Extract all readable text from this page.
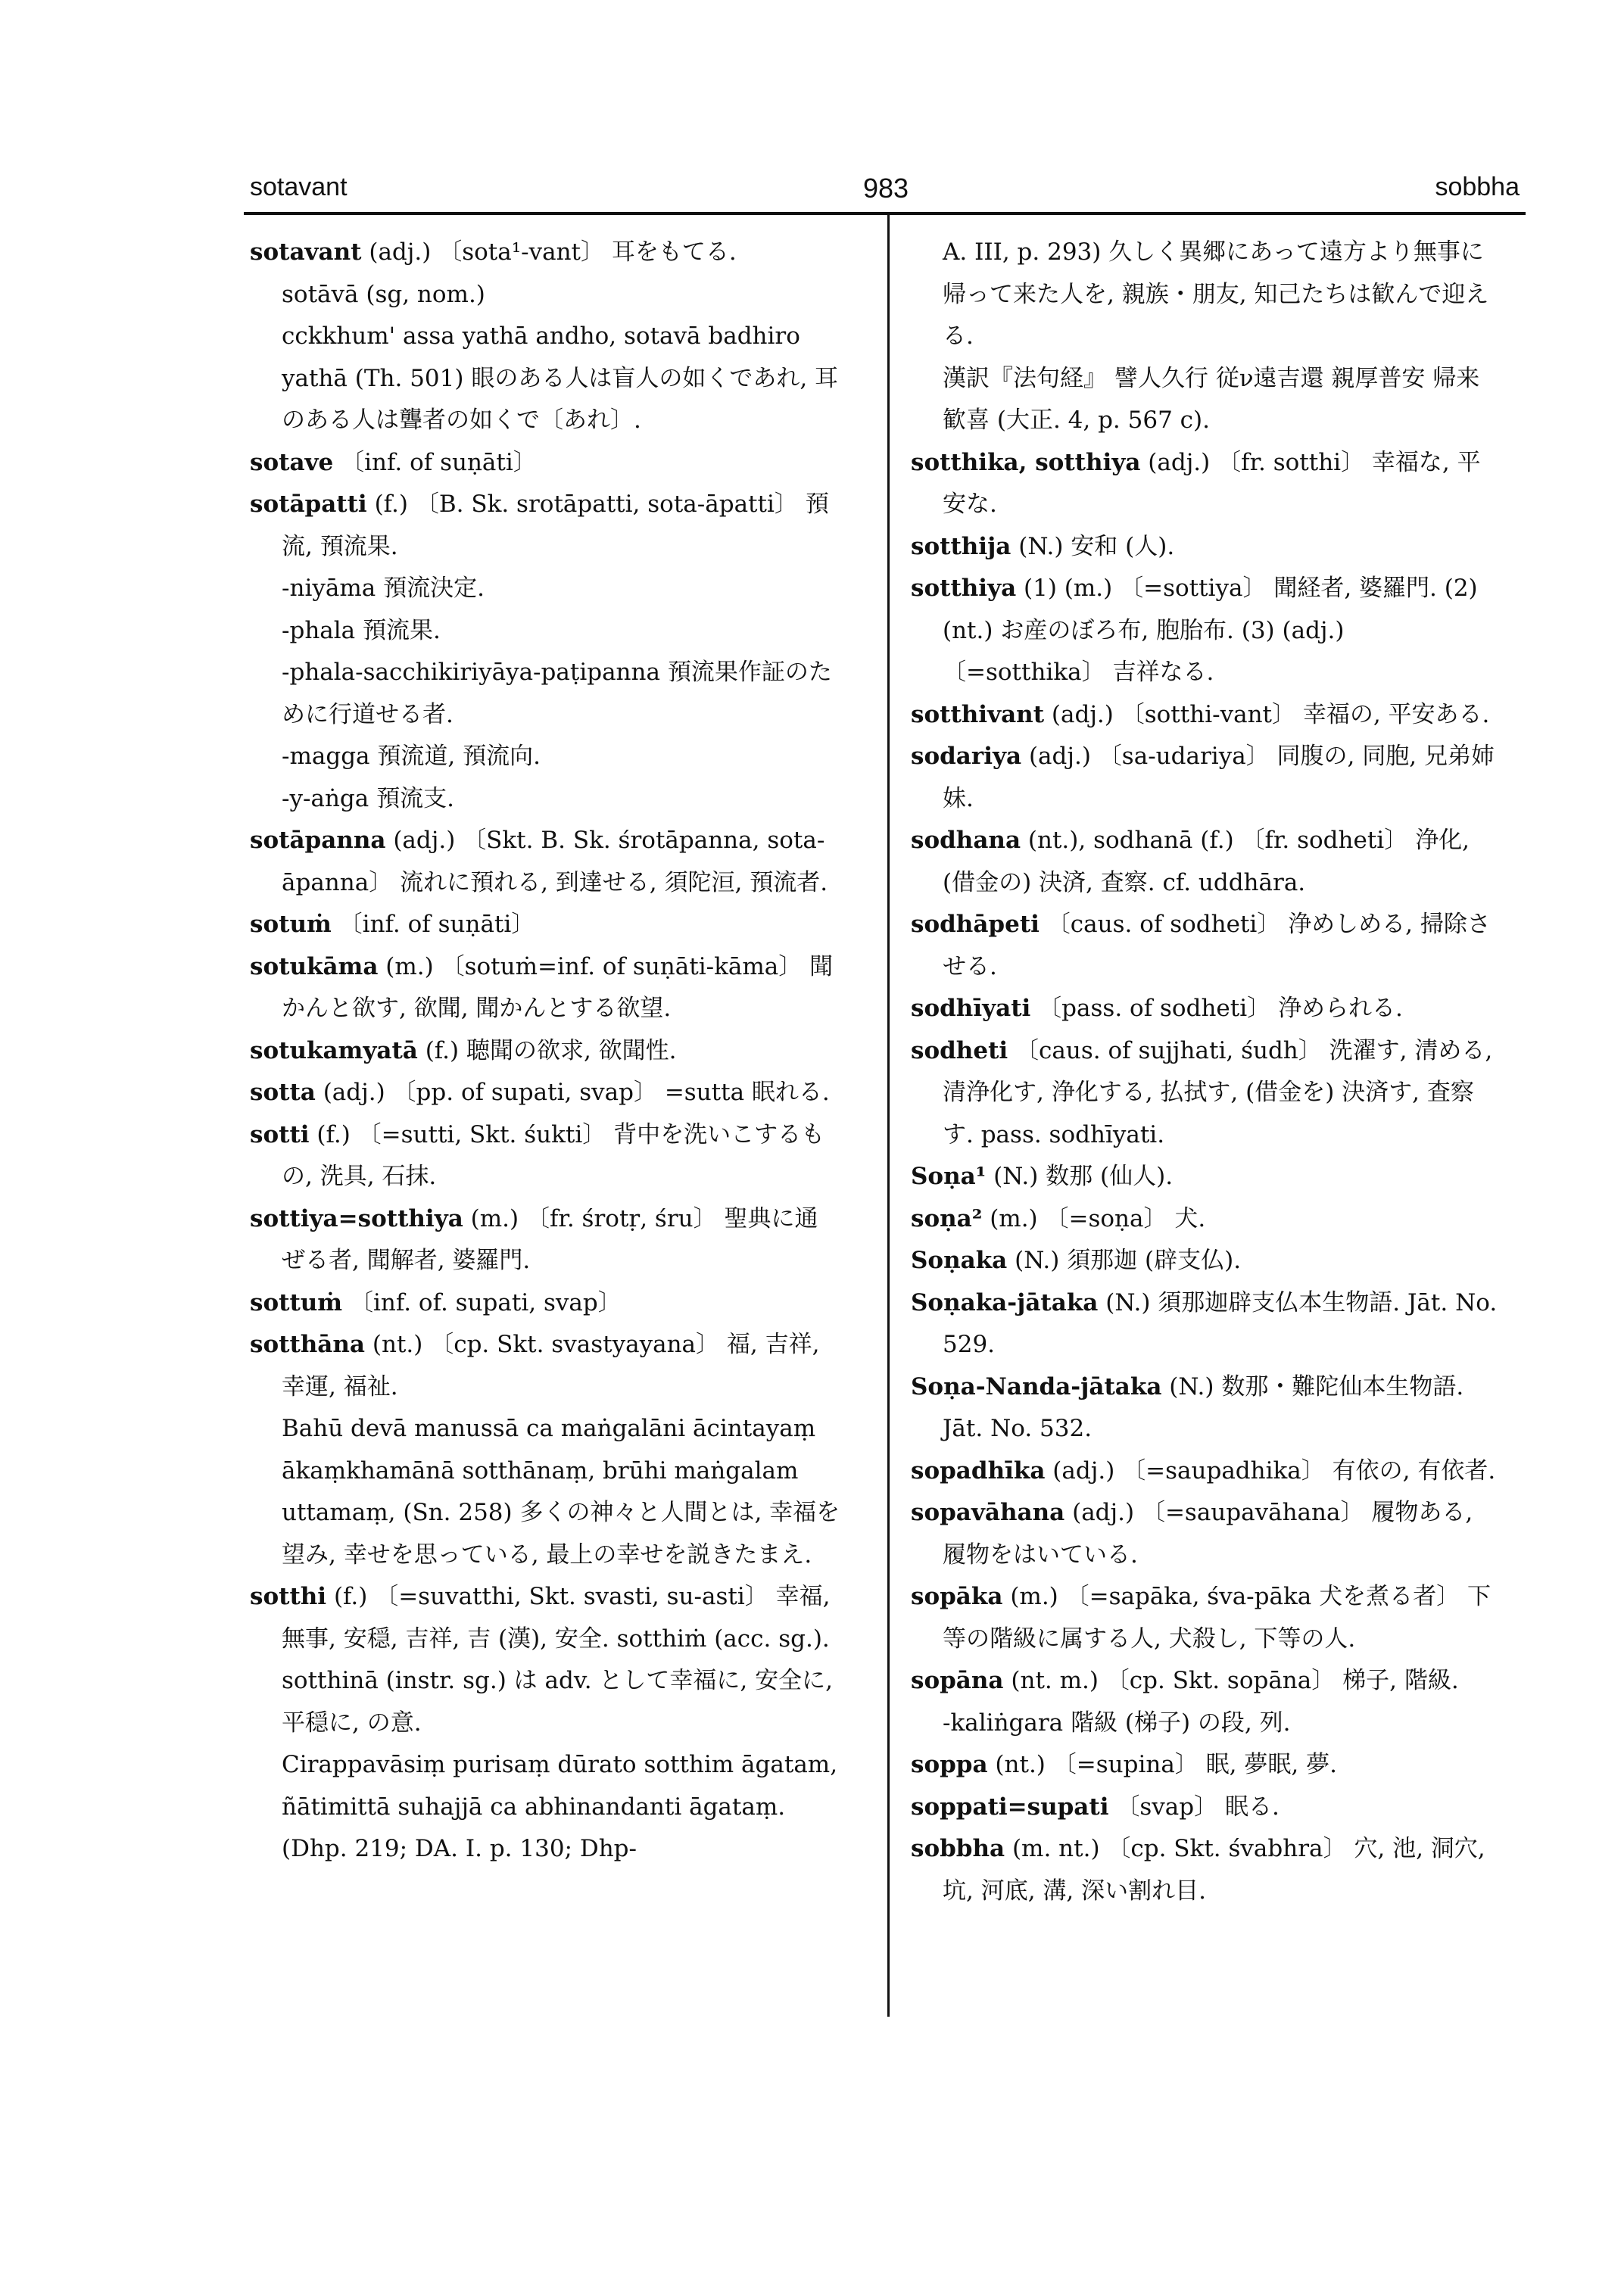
sotavant	983	sobbha

sotavant (adj.) 〔sota¹-vant〕 耳をもてる.

sotāvā (sg, nom.)

cckkhum' assa yathā andho, sotavā badhiro yathā (Th. 501) 眼のある人は盲人の如くであれ, 耳のある人は聾者の如くで〔あれ〕.

sotave 〔inf. of suṇāti〕

sotāpatti (f.) 〔B. Sk. srotāpatti, sota-āpatti〕 預流, 預流果.

-niyāma 預流決定.

-phala 預流果.

-phala-sacchikiriyāya-paṭipanna 預流果作証のために行道せる者.

-magga 預流道, 預流向.

-y-aṅga 預流支.

sotāpanna (adj.) 〔Skt. B. Sk. śrotāpanna, sota-āpanna〕 流れに預れる, 到達せる, 須陀洹, 預流者.

sotuṁ 〔inf. of suṇāti〕

sotukāma (m.) 〔sotuṁ=inf. of suṇāti-kāma〕 聞かんと欲す, 欲聞, 聞かんとする欲望.

sotukamyatā (f.) 聴聞の欲求, 欲聞性.

sotta (adj.) 〔pp. of supati, svap〕 =sutta 眠れる.

sotti (f.) 〔=sutti, Skt. śukti〕 背中を洗いこするもの, 洗具, 石抹.

sottiya=sotthiya (m.) 〔fr. śrotṛ, śru〕 聖典に通ぜる者, 聞解者, 婆羅門.

sottuṁ 〔inf. of. supati, svap〕

sotthāna (nt.) 〔cp. Skt. svastyayana〕 福, 吉祥, 幸運, 福祉.

Bahū devā manussā ca maṅgalāni ācintayaṃ ākaṃkhamānā sotthānaṃ, brūhi maṅgalam uttamaṃ, (Sn. 258) 多くの神々と人間とは, 幸福を望み, 幸せを思っている, 最上の幸せを説きたまえ.

sotthi (f.) 〔=suvatthi, Skt. svasti, su-asti〕 幸福, 無事, 安穏, 吉祥, 吉 (漢), 安全. sotthiṁ (acc. sg.). sotthinā (instr. sg.) は adv. として幸福に, 安全に, 平穏に, の意.

Cirappavāsiṃ purisaṃ dūrato sotthim āgatam, ñātimittā suhajjā ca abhinandanti āgataṃ. (Dhp. 219; DA. I. p. 130; Dhp-

A. III, p. 293) 久しく異郷にあって遠方より無事に帰って来た人を, 親族・朋友, 知己たちは歓んで迎える.

漢訳『法句経』 譬人久行 従ν遠吉還 親厚普安 帰来歓喜 (大正. 4, p. 567 c).

sotthika, sotthiya (adj.) 〔fr. sotthi〕 幸福な, 平安な.

sotthija (N.) 安和 (人).

sotthiya (1) (m.) 〔=sottiya〕 聞経者, 婆羅門. (2) (nt.) お産のぼろ布, 胞胎布. (3) (adj.) 〔=sotthika〕 吉祥なる.

sotthivant (adj.) 〔sotthi-vant〕 幸福の, 平安ある.

sodariya (adj.) 〔sa-udariya〕 同腹の, 同胞, 兄弟姉妹.

sodhana (nt.), sodhanā (f.) 〔fr. sodheti〕 浄化, (借金の) 決済, 査察. cf. uddhāra.

sodhāpeti 〔caus. of sodheti〕 浄めしめる, 掃除させる.

sodhīyati 〔pass. of sodheti〕 浄められる.

sodheti 〔caus. of sujjhati, śudh〕 洗濯す, 清める, 清浄化す, 浄化する, 払拭す, (借金を) 決済す, 査察す. pass. sodhīyati.

Soṇa¹ (N.) 数那 (仙人).

soṇa² (m.) 〔=soṇa〕 犬.

Soṇaka (N.) 須那迦 (辟支仏).

Soṇaka-jātaka (N.) 須那迦辟支仏本生物語. Jāt. No. 529.

Soṇa-Nanda-jātaka (N.) 数那・難陀仙本生物語. Jāt. No. 532.

sopadhīka (adj.) 〔=saupadhika〕 有依の, 有依者.

sopavāhana (adj.) 〔=saupavāhana〕 履物ある, 履物をはいている.

sopāka (m.) 〔=sapāka, śva-pāka 犬を煮る者〕 下等の階級に属する人, 犬殺し, 下等の人.

sopāna (nt. m.) 〔cp. Skt. sopāna〕 梯子, 階級.

-kaliṅgara 階級 (梯子) の段, 列.

soppa (nt.) 〔=supina〕 眠, 夢眠, 夢.

soppati=supati 〔svap〕 眠る.

sobbha (m. nt.) 〔cp. Skt. śvabhra〕 穴, 池, 洞穴, 坑, 河底, 溝, 深い割れ目.
